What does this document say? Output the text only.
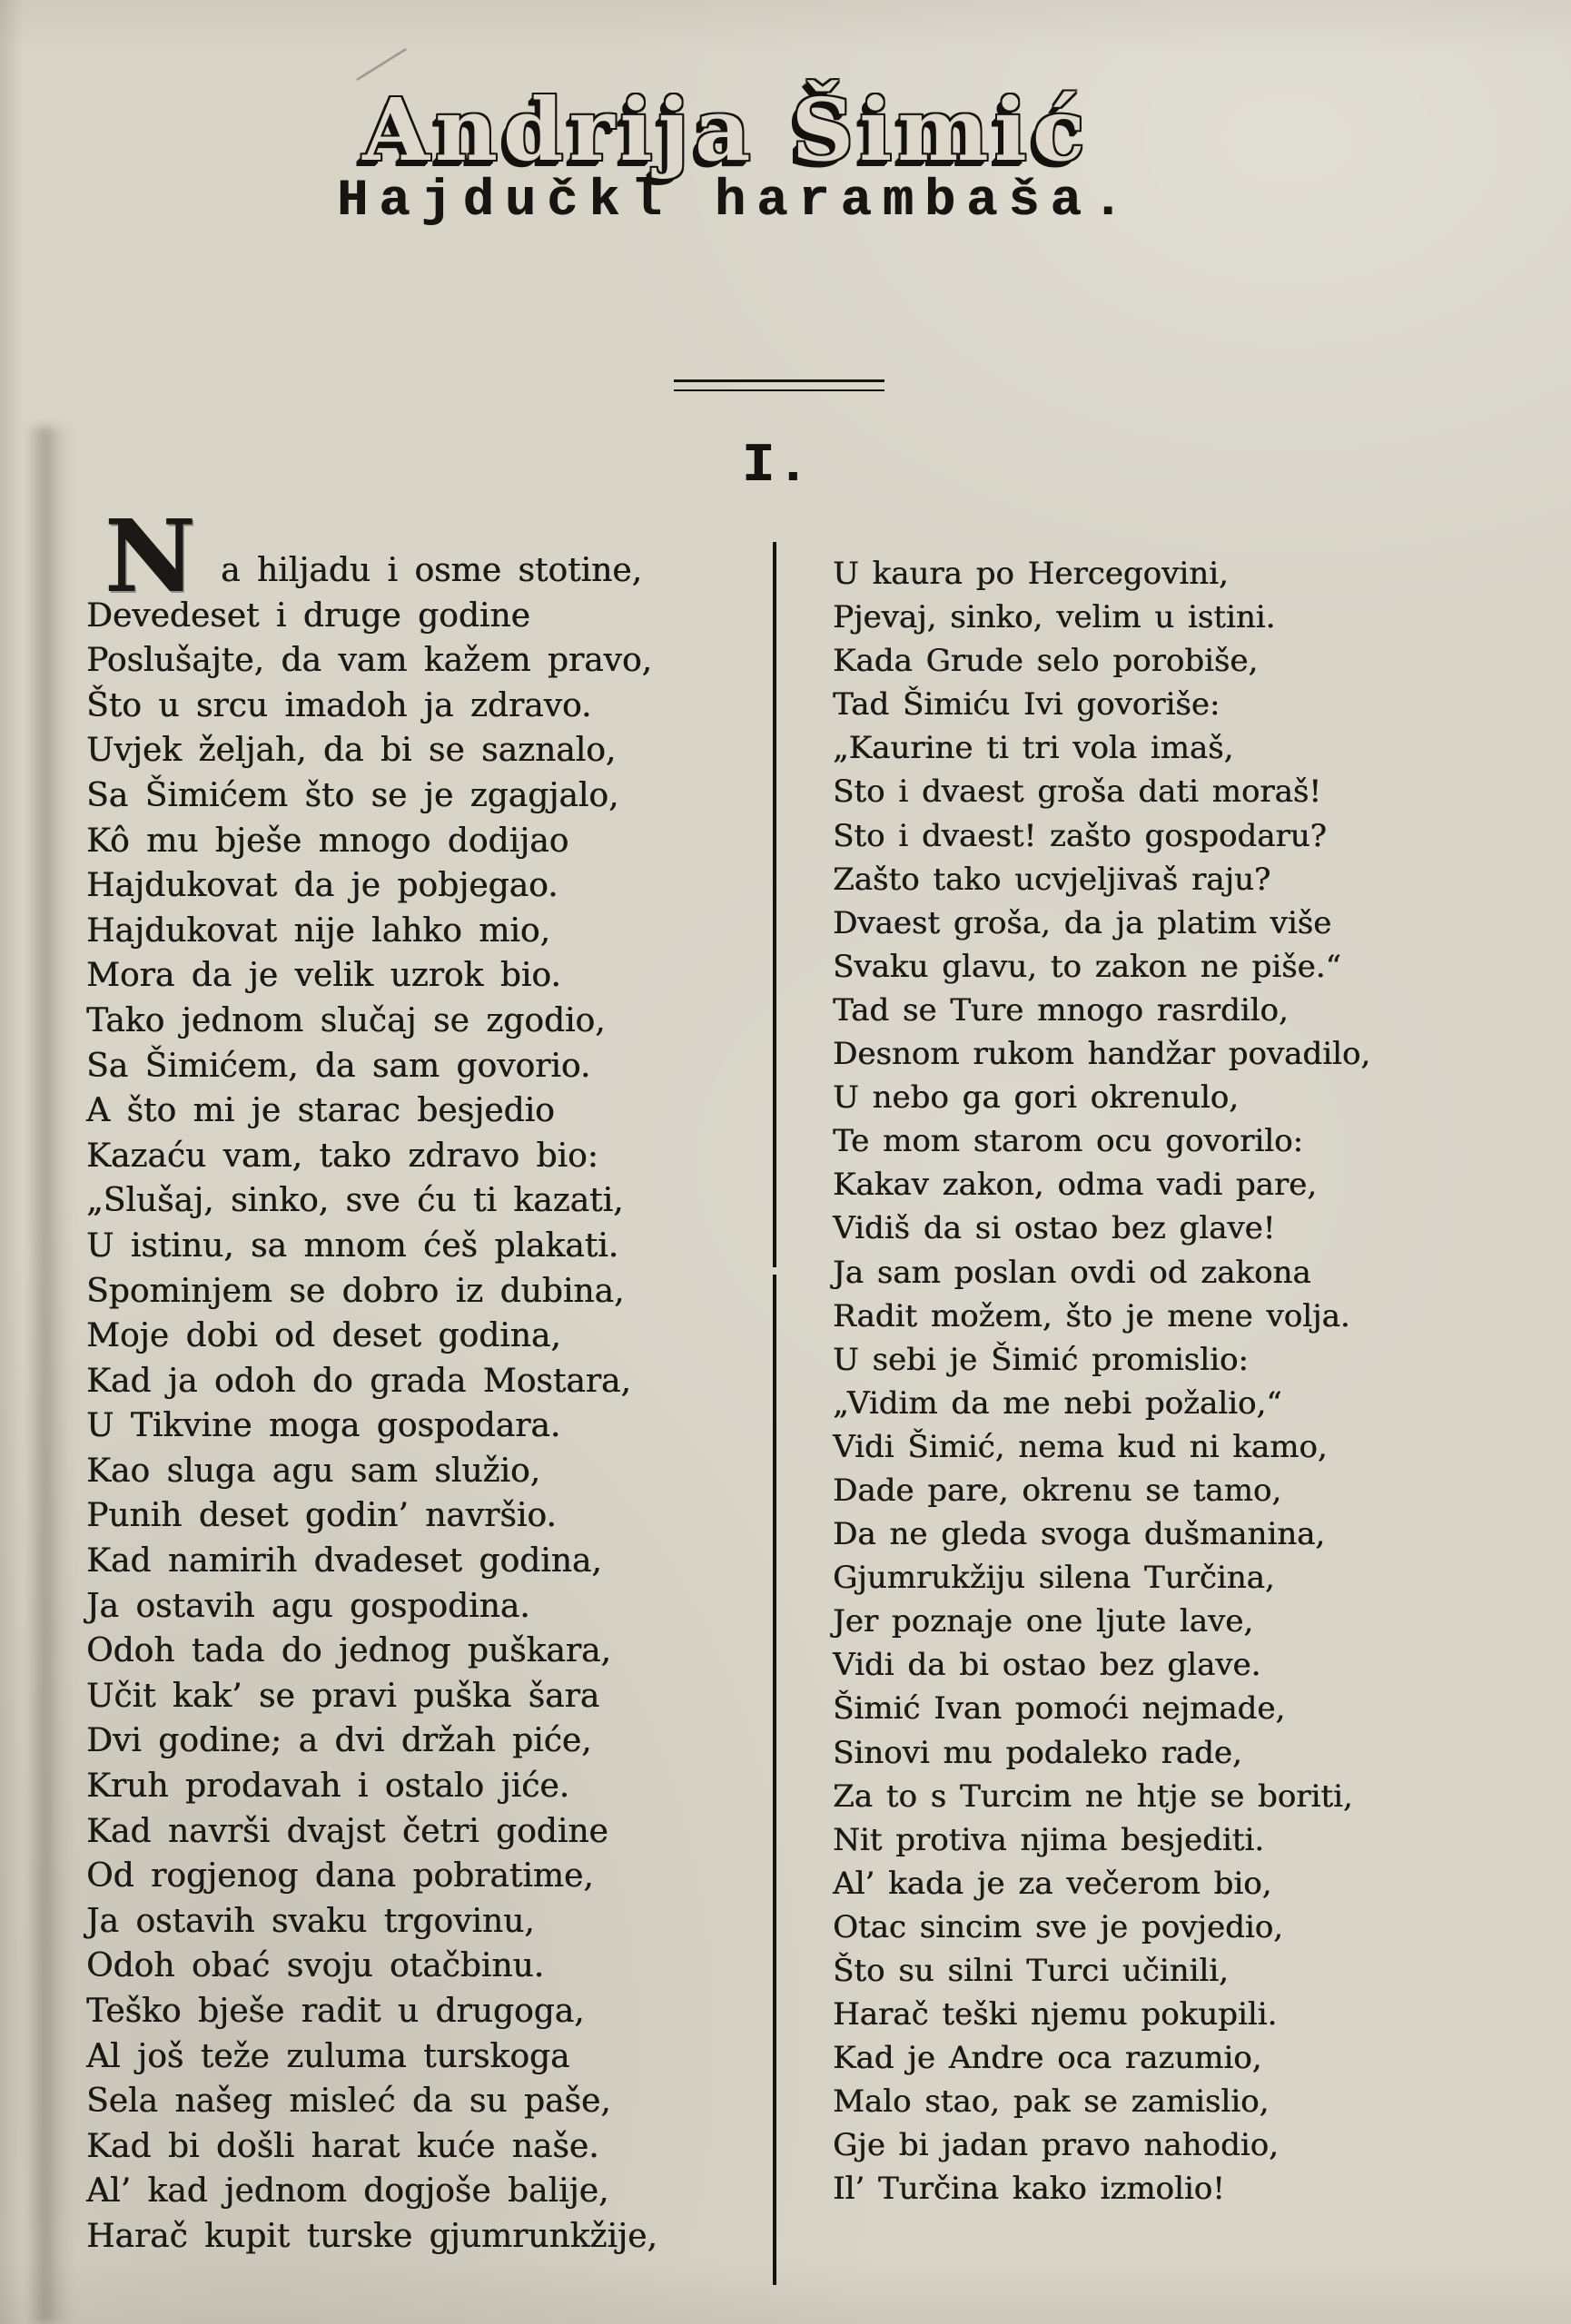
Andrija Šimić
Hajdučkl harambaša.
I.
N a hiljadu i osme stotine,
Devedeset i druge godine
Poslušajte, da vam kažem pravo,
Što u srcu imadoh ja zdravo.
Uvjek željah, da bi se saznalo,
Sa Šimićem što se je zgagjalo,
Kô mu bješe mnogo dodijao
Hajdukovat da je pobjegao.
Hajdukovat nije lahko mio,
Mora da je velik uzrok bio.
Tako jednom slučaj se zgodio,
Sa Šimićem, da sam govorio.
A što mi je starac besjedio
Kazaću vam, tako zdravo bio:
„Slušaj, sinko, sve ću ti kazati,
U istinu, sa mnom ćeš plakati.
Spominjem se dobro iz dubina,
Moje dobi od deset godina,
Kad ja odoh do grada Mostara,
U Tikvine moga gospodara.
Kao sluga agu sam služio,
Punih deset godin’ navršio.
Kad namirih dvadeset godina,
Ja ostavih agu gospodina.
Odoh tada do jednog puškara,
Učit kak’ se pravi puška šara
Dvi godine; a dvi držah piće,
Kruh prodavah i ostalo jiće.
Kad navrši dvajst četri godine
Od rogjenog dana pobratime,
Ja ostavih svaku trgovinu,
Odoh obać svoju otačbinu.
Teško bješe radit u drugoga,
Al još teže zuluma turskoga
Sela našeg misleć da su paše,
Kad bi došli harat kuće naše.
Al’ kad jednom dogjoše balije,
Harač kupit turske gjumrunkžije,
U kaura po Hercegovini,
Pjevaj, sinko, velim u istini.
Kada Grude selo porobiše,
Tad Šimiću Ivi govoriše:
„Kaurine ti tri vola imaš,
Sto i dvaest groša dati moraš!
Sto i dvaest! zašto gospodaru?
Zašto tako ucvjeljivaš raju?
Dvaest groša, da ja platim više
Svaku glavu, to zakon ne piše.“
Tad se Ture mnogo rasrdilo,
Desnom rukom handžar povadilo,
U nebo ga gori okrenulo,
Te mom starom ocu govorilo:
Kakav zakon, odma vadi pare,
Vidiš da si ostao bez glave!
Ja sam poslan ovdi od zakona
Radit možem, što je mene volja.
U sebi je Šimić promislio:
„Vidim da me nebi požalio,“
Vidi Šimić, nema kud ni kamo,
Dade pare, okrenu se tamo,
Da ne gleda svoga dušmanina,
Gjumrukžiju silena Turčina,
Jer poznaje one ljute lave,
Vidi da bi ostao bez glave.
Šimić Ivan pomoći nejmade,
Sinovi mu podaleko rade,
Za to s Turcim ne htje se boriti,
Nit protiva njima besjediti.
Al’ kada je za večerom bio,
Otac sincim sve je povjedio,
Što su silni Turci učinili,
Harač teški njemu pokupili.
Kad je Andre oca razumio,
Malo stao, pak se zamislio,
Gje bi jadan pravo nahodio,
Il’ Turčina kako izmolio!
